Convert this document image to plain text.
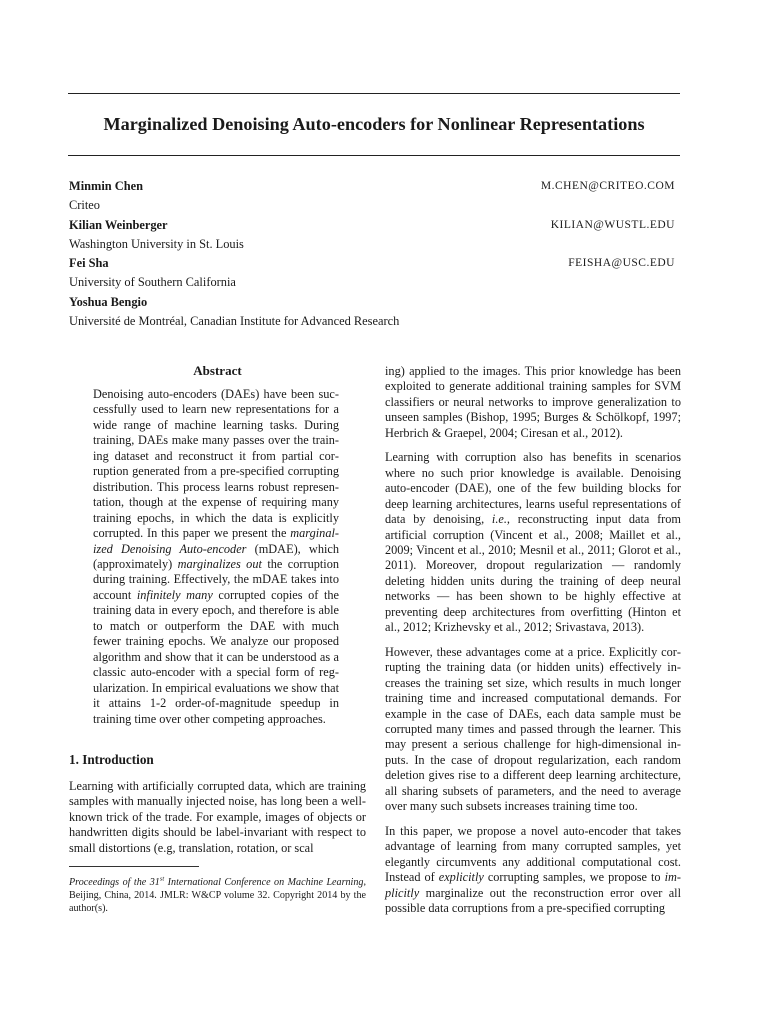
Marginalized Denoising Auto-encoders for Nonlinear Representations
Minmin Chen	M.CHEN@CRITEO.COM
Criteo
Kilian Weinberger	KILIAN@WUSTL.EDU
Washington University in St. Louis
Fei Sha	FEISHA@USC.EDU
University of Southern California
Yoshua Bengio
Université de Montréal, Canadian Institute for Advanced Research
Abstract

Denoising auto-encoders (DAEs) have been successfully used to learn new representations for a wide range of machine learning tasks. During training, DAEs make many passes over the training dataset and reconstruct it from partial corruption generated from a pre-specified corrupting distribution. This process learns robust representation, though at the expense of requiring many training epochs, in which the data is explicitly corrupted. In this paper we present the marginalized Denoising Auto-encoder (mDAE), which (approximately) marginalizes out the corruption during training. Effectively, the mDAE takes into account infinitely many corrupted copies of the training data in every epoch, and therefore is able to match or outperform the DAE with much fewer training epochs. We analyze our proposed algorithm and show that it can be understood as a classic auto-encoder with a special form of regularization. In empirical evaluations we show that it attains 1-2 order-of-magnitude speedup in training time over other competing approaches.

1. Introduction

Learning with artificially corrupted data, which are training samples with manually injected noise, has long been a well-known trick of the trade. For example, images of objects or handwritten digits should be label-invariant with respect to small distortions (e.g, translation, rotation, or scal

Proceedings of the 31st International Conference on Machine Learning, Beijing, China, 2014. JMLR: W&CP volume 32. Copyright 2014 by the author(s).

ing) applied to the images. This prior knowledge has been exploited to generate additional training samples for SVM classifiers or neural networks to improve generalization to unseen samples (Bishop, 1995; Burges & Schölkopf, 1997; Herbrich & Graepel, 2004; Ciresan et al., 2012).

Learning with corruption also has benefits in scenarios where no such prior knowledge is available. Denoising auto-encoder (DAE), one of the few building blocks for deep learning architectures, learns useful representations of data by denoising, i.e., reconstructing input data from artificial corruption (Vincent et al., 2008; Maillet et al., 2009; Vincent et al., 2010; Mesnil et al., 2011; Glorot et al., 2011). Moreover, dropout regularization — randomly deleting hidden units during the training of deep neural networks — has been shown to be highly effective at preventing deep architectures from overfitting (Hinton et al., 2012; Krizhevsky et al., 2012; Srivastava, 2013).

However, these advantages come at a price. Explicitly corrupting the training data (or hidden units) effectively increases the training set size, which results in much longer training time and increased computational demands. For example in the case of DAEs, each data sample must be corrupted many times and passed through the learner. This may present a serious challenge for high-dimensional inputs. In the case of dropout regularization, each random deletion gives rise to a different deep learning architecture, all sharing subsets of parameters, and the need to average over many such subsets increases training time too.

In this paper, we propose a novel auto-encoder that takes advantage of learning from many corrupted samples, yet elegantly circumvents any additional computational cost. Instead of explicitly corrupting samples, we propose to implicitly marginalize out the reconstruction error over all possible data corruptions from a pre-specified corrupting
